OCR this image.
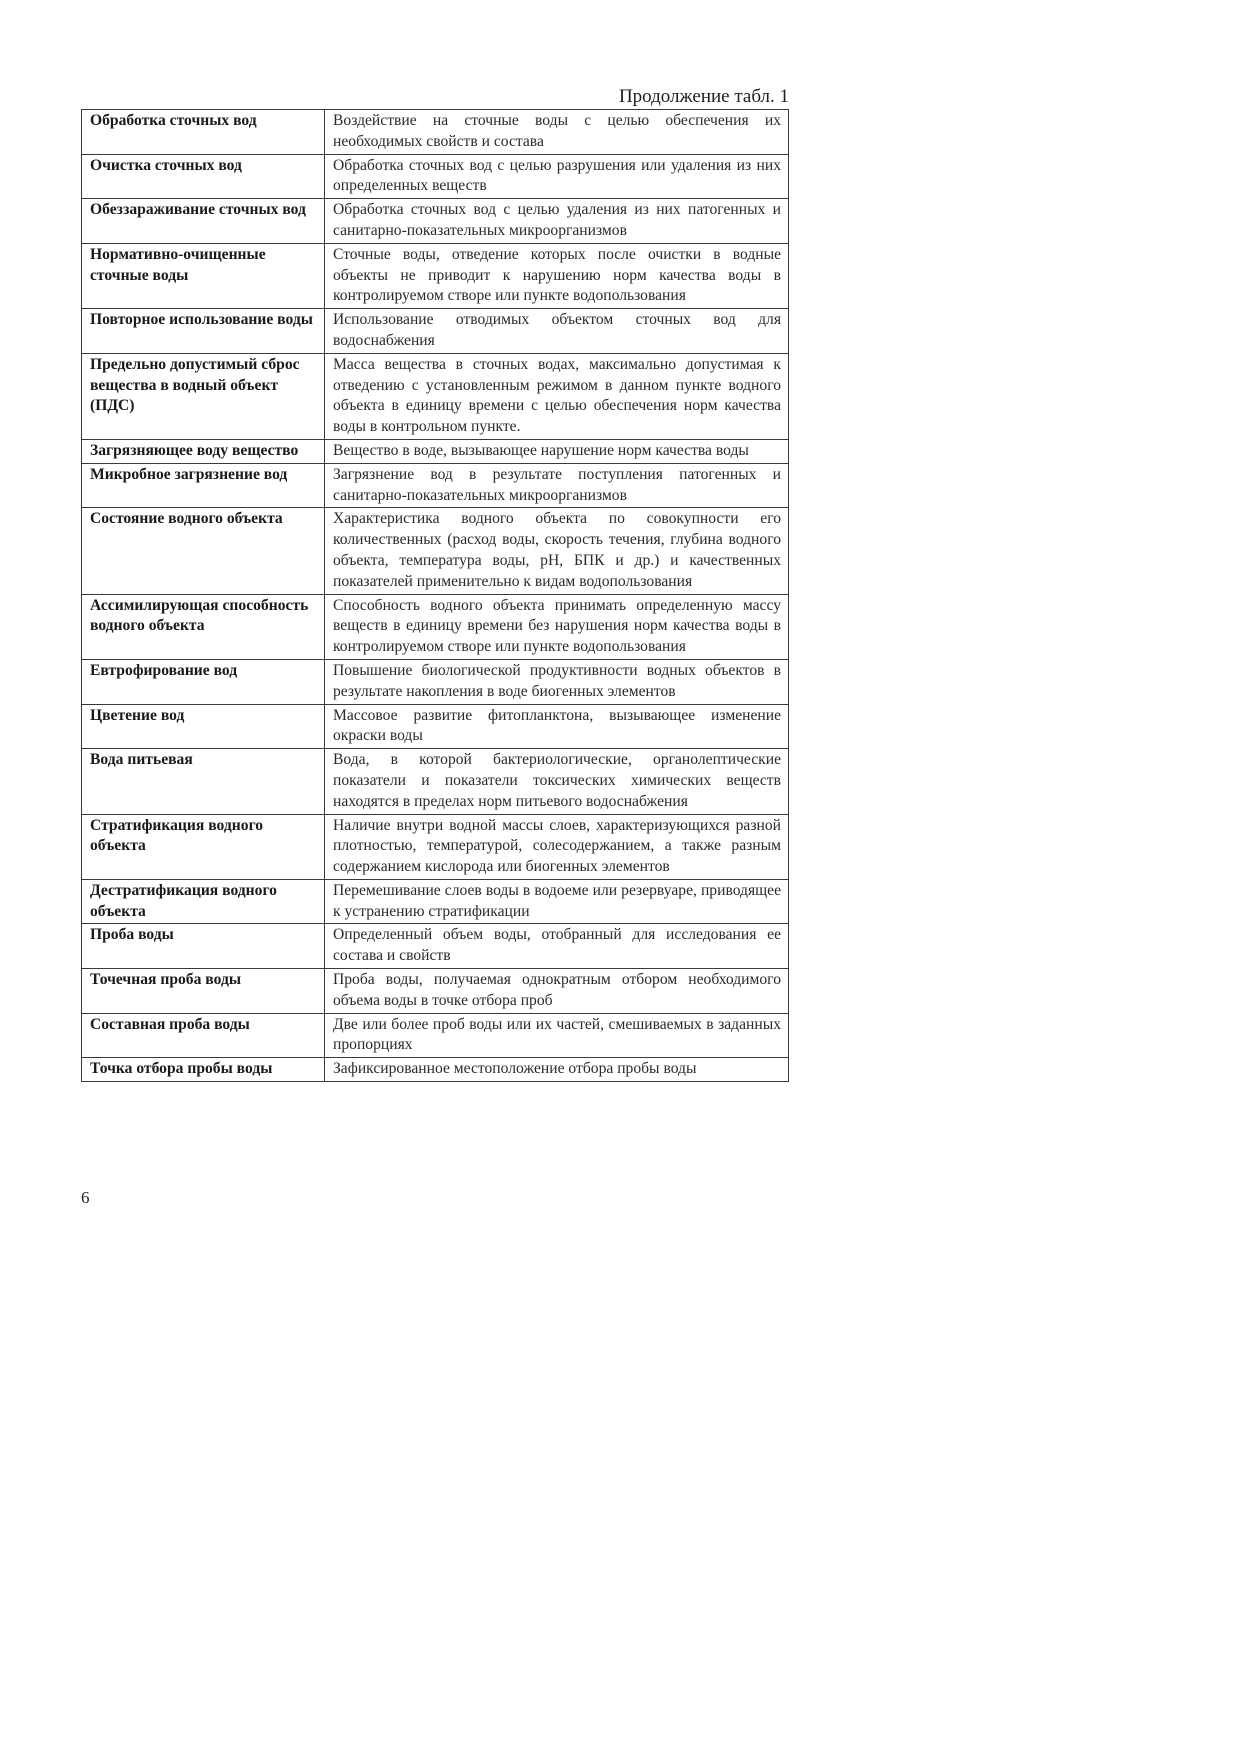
Продолжение табл. 1
Обработка сточных вод	Воздействие на сточные воды с целью обеспечения их необходимых свойств и состава
Очистка сточных вод	Обработка сточных вод с целью разрушения или удаления из них определенных веществ
Обеззараживание сточных вод	Обработка сточных вод с целью удаления из них патогенных и санитарно-показательных микроорганизмов
Нормативно-очищенные сточные воды	Сточные воды, отведение которых после очистки в водные объекты не приводит к нарушению норм качества воды в контролируемом створе или пункте водопользования
Повторное использование воды	Использование отводимых объектом сточных вод для водоснабжения
Предельно допустимый сброс вещества в водный объект (ПДС)	Масса вещества в сточных водах, максимально допустимая к отведению с установленным режимом в данном пункте водного объекта в единицу времени с целью обеспечения норм качества воды в контрольном пункте.
Загрязняющее воду вещество	Вещество в воде, вызывающее нарушение норм качества воды
Микробное загрязнение вод	Загрязнение вод в результате поступления патогенных и санитарно-показательных микроорганизмов
Состояние водного объекта	Характеристика водного объекта по совокупности его количественных (расход воды, скорость течения, глубина водного объекта, температура воды, pH, БПК и др.) и качественных показателей применительно к видам водопользования
Ассимилирующая способность водного объекта	Способность водного объекта принимать определенную массу веществ в единицу времени без нарушения норм качества воды в контролируемом створе или пункте водопользования
Евтрофирование вод	Повышение биологической продуктивности водных объектов в результате накопления в воде биогенных элементов
Цветение вод	Массовое развитие фитопланктона, вызывающее изменение окраски воды
Вода питьевая	Вода, в которой бактериологические, органолептические показатели и показатели токсических химических веществ находятся в пределах норм питьевого водоснабжения
Стратификация водного объекта	Наличие внутри водной массы слоев, характеризующихся разной плотностью, температурой, солесодержанием, а также разным содержанием кислорода или биогенных элементов
Дестратификация водного объекта	Перемешивание слоев воды в водоеме или резервуаре, приводящее к устранению стратификации
Проба воды	Определенный объем воды, отобранный для исследования ее состава и свойств
Точечная проба воды	Проба воды, получаемая однократным отбором необходимого объема воды в точке отбора проб
Составная проба воды	Две или более проб воды или их частей, смешиваемых в заданных пропорциях
Точка отбора пробы воды	Зафиксированное местоположение отбора пробы воды
6
